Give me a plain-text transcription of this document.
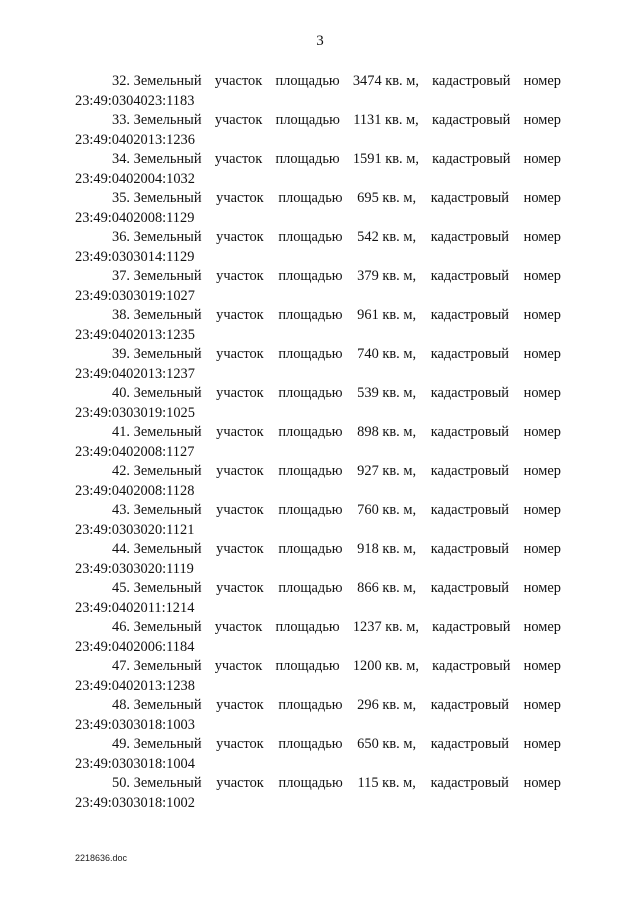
3
32. Земельный участок площадью 3474 кв. м, кадастровый номер
23:49:0304023:1183
33. Земельный участок площадью 1131 кв. м, кадастровый номер
23:49:0402013:1236
34. Земельный участок площадью 1591 кв. м, кадастровый номер
23:49:0402004:1032
35. Земельный участок площадью 695 кв. м, кадастровый номер
23:49:0402008:1129
36. Земельный участок площадью 542 кв. м, кадастровый номер
23:49:0303014:1129
37. Земельный участок площадью 379 кв. м, кадастровый номер
23:49:0303019:1027
38. Земельный участок площадью 961 кв. м, кадастровый номер
23:49:0402013:1235
39. Земельный участок площадью 740 кв. м, кадастровый номер
23:49:0402013:1237
40. Земельный участок площадью 539 кв. м, кадастровый номер
23:49:0303019:1025
41. Земельный участок площадью 898 кв. м, кадастровый номер
23:49:0402008:1127
42. Земельный участок площадью 927 кв. м, кадастровый номер
23:49:0402008:1128
43. Земельный участок площадью 760 кв. м, кадастровый номер
23:49:0303020:1121
44. Земельный участок площадью 918 кв. м, кадастровый номер
23:49:0303020:1119
45. Земельный участок площадью 866 кв. м, кадастровый номер
23:49:0402011:1214
46. Земельный участок площадью 1237 кв. м, кадастровый номер
23:49:0402006:1184
47. Земельный участок площадью 1200 кв. м, кадастровый номер
23:49:0402013:1238
48. Земельный участок площадью 296 кв. м, кадастровый номер
23:49:0303018:1003
49. Земельный участок площадью 650 кв. м, кадастровый номер
23:49:0303018:1004
50. Земельный участок площадью 115 кв. м, кадастровый номер
23:49:0303018:1002
2218636.doc
